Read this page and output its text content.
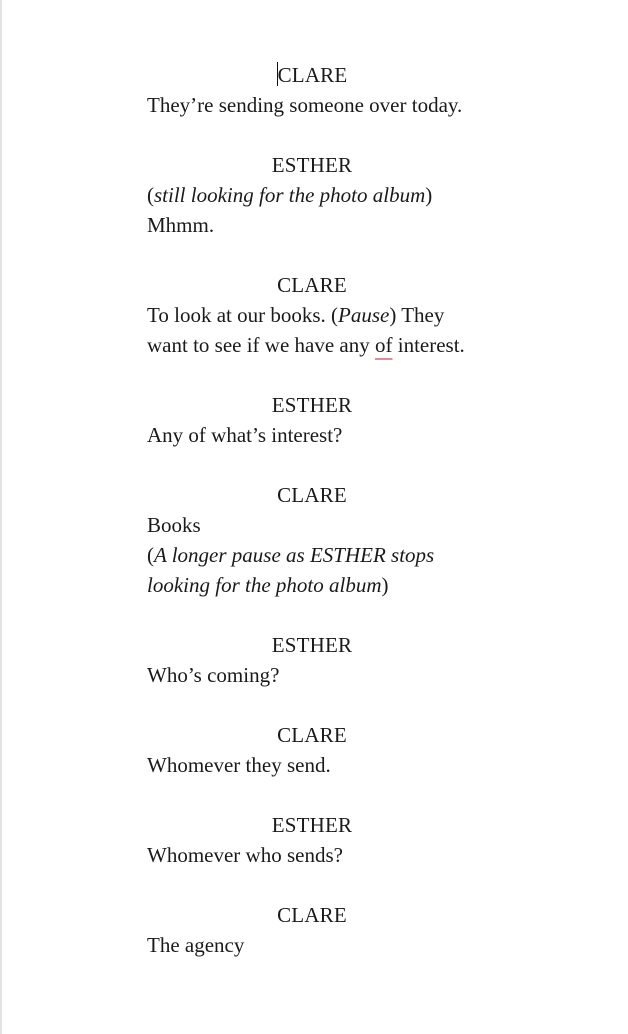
CLARE
They’re sending someone over today.
ESTHER
(still looking for the photo album)
Mhmm.
CLARE
To look at our books. (Pause) They
want to see if we have any of interest.
ESTHER
Any of what’s interest?
CLARE
Books
(A longer pause as ESTHER stops
looking for the photo album)
ESTHER
Who’s coming?
CLARE
Whomever they send.
ESTHER
Whomever who sends?
CLARE
The agency
